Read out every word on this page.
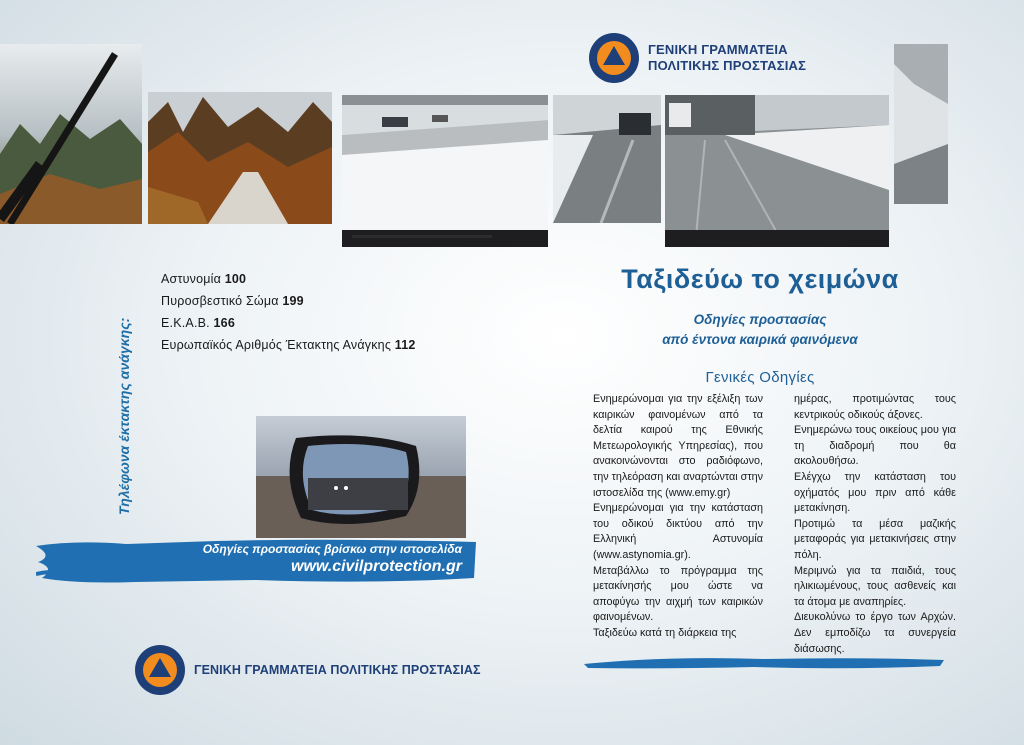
ΓΕΝΙΚΗ ΓΡΑΜΜΑΤΕΙΑ
ΠΟΛΙΤΙΚΗΣ ΠΡΟΣΤΑΣΙΑΣ
Τηλέφωνα έκτακτης ανάγκης:
Αστυνομία 100
Πυροσβεστικό Σώμα 199
Ε.Κ.Α.Β. 166
Ευρωπαϊκός Αριθμός Έκτακτης Ανάγκης 112
Ταξιδεύω το χειμώνα
Οδηγίες προστασίας
από έντονα καιρικά φαινόμενα
Γενικές Οδηγίες

Ενημερώνομαι για την εξέλιξη των καιρικών φαινομένων από τα δελτία καιρού της Εθνικής Μετεωρολογικής Υπηρεσίας), που ανακοινώνονται στο ραδιόφωνο, την τηλεόραση και αναρτώνται στην ιστοσελίδα της (www.emy.gr)

Ενημερώνομαι για την κατάσταση του οδικού δικτύου από την Ελληνική Αστυνομία (www.astynomia.gr).

Μεταβάλλω το πρόγραμμα της μετακίνησής μου ώστε να αποφύγω την αιχμή των καιρικών φαινομένων.

Ταξιδεύω κατά τη διάρκεια της

ημέρας, προτιμώντας τους κεντρικούς οδικούς άξονες.

Ενημερώνω τους οικείους μου για τη διαδρομή που θα ακολουθήσω.

Ελέγχω την κατάσταση του οχήματός μου πριν από κάθε μετακίνηση.

Προτιμώ τα μέσα μαζικής μεταφοράς για μετακινήσεις στην πόλη.

Μεριμνώ για τα παιδιά, τους ηλικιωμένους, τους ασθενείς και τα άτομα με αναπηρίες.

Διευκολύνω το έργο των Αρχών. Δεν εμποδίζω τα συνεργεία διάσωσης.

Οδηγίες προστασίας βρίσκω στην ιστοσελίδα
www.civilprotection.gr
ΓΕΝΙΚΗ ΓΡΑΜΜΑΤΕΙΑ ΠΟΛΙΤΙΚΗΣ ΠΡΟΣΤΑΣΙΑΣ
